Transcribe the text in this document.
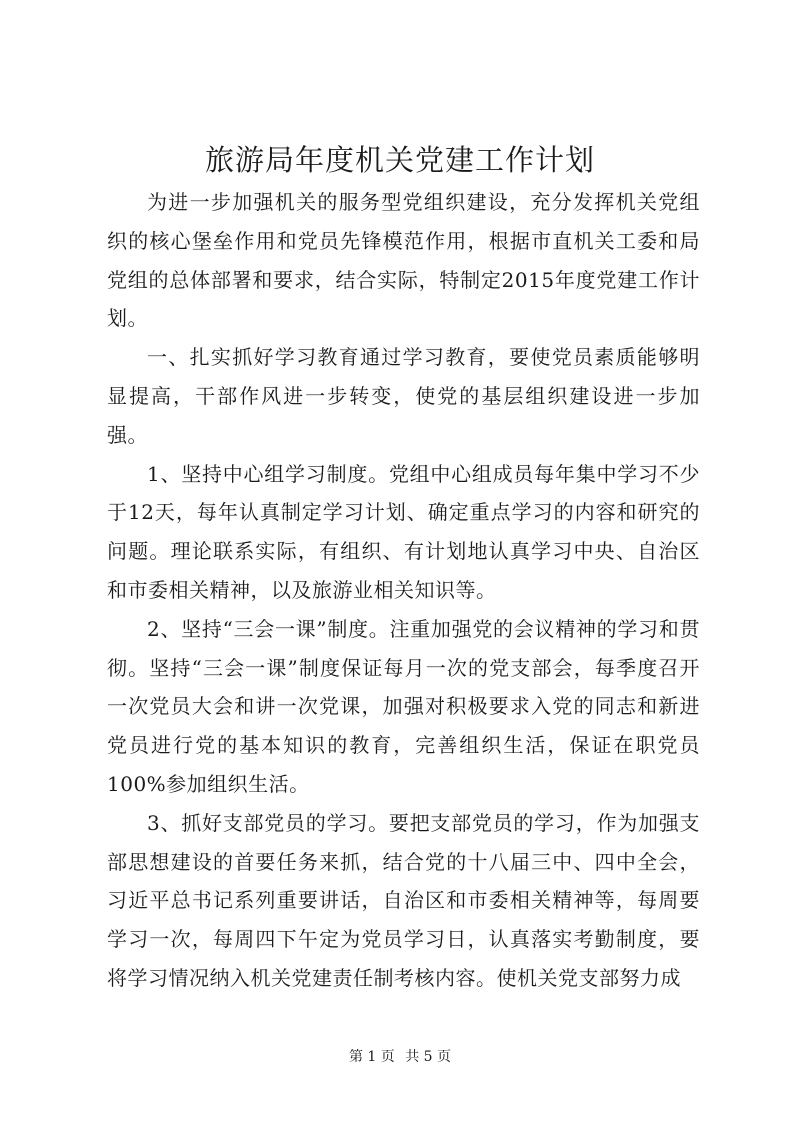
旅游局年度机关党建工作计划

为进一步加强机关的服务型党组织建设，充分发挥机关党组织的核心堡垒作用和党员先锋模范作用，根据市直机关工委和局党组的总体部署和要求，结合实际，特制定2015年度党建工作计划。

一、扎实抓好学习教育通过学习教育，要使党员素质能够明显提高，干部作风进一步转变，使党的基层组织建设进一步加强。

1、坚持中心组学习制度。党组中心组成员每年集中学习不少于12天，每年认真制定学习计划、确定重点学习的内容和研究的问题。理论联系实际，有组织、有计划地认真学习中央、自治区和市委相关精神，以及旅游业相关知识等。

2、坚持“三会一课”制度。注重加强党的会议精神的学习和贯彻。坚持“三会一课”制度保证每月一次的党支部会，每季度召开一次党员大会和讲一次党课，加强对积极要求入党的同志和新进党员进行党的基本知识的教育，完善组织生活，保证在职党员100%参加组织生活。

3、抓好支部党员的学习。要把支部党员的学习，作为加强支部思想建设的首要任务来抓，结合党的十八届三中、四中全会，习近平总书记系列重要讲话，自治区和市委相关精神等，每周要学习一次，每周四下午定为党员学习日，认真落实考勤制度，要将学习情况纳入机关党建责任制考核内容。使机关党支部努力成

第 1 页 共 5 页
